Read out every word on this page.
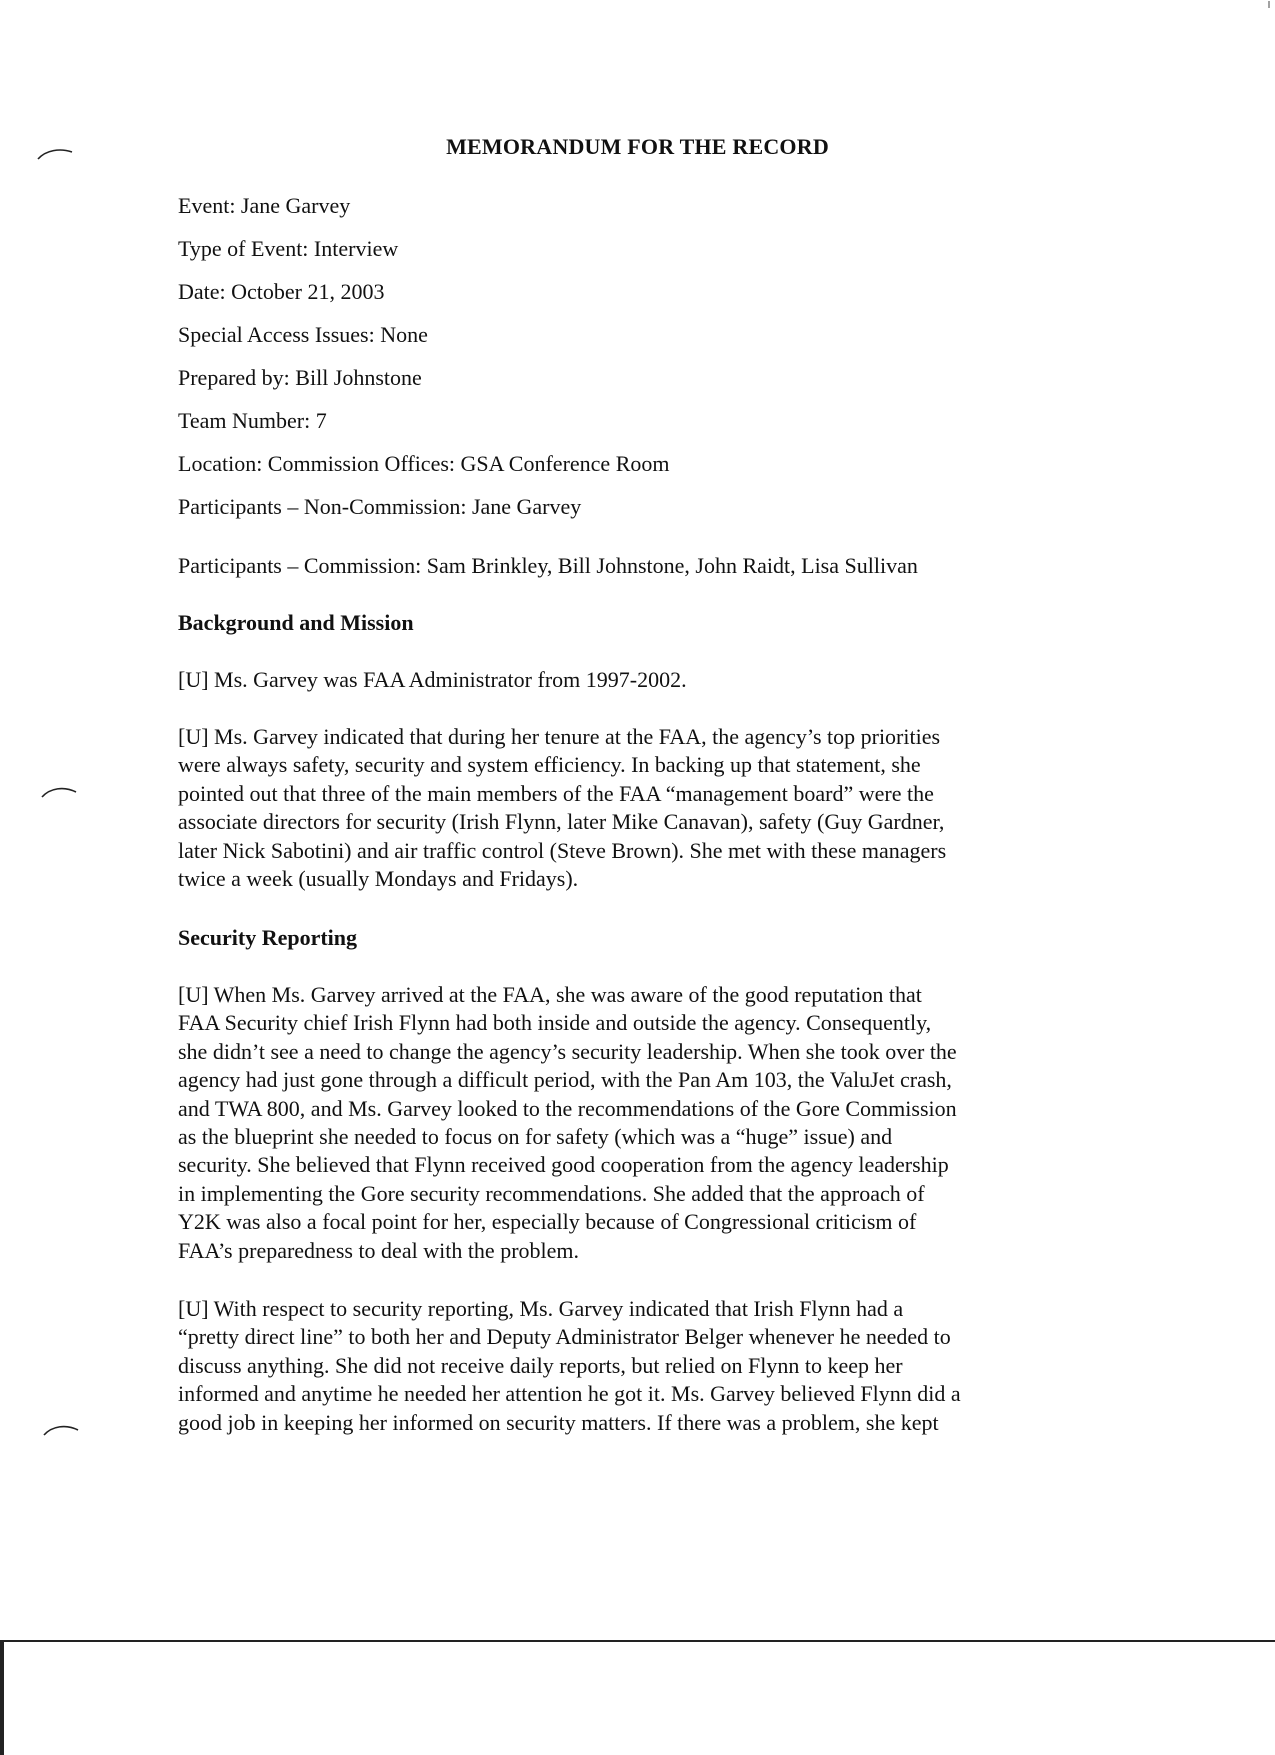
MEMORANDUM FOR THE RECORD
Event: Jane Garvey
Type of Event: Interview
Date: October 21, 2003
Special Access Issues: None
Prepared by: Bill Johnstone
Team Number: 7
Location: Commission Offices: GSA Conference Room
Participants – Non-Commission: Jane Garvey
Participants – Commission: Sam Brinkley, Bill Johnstone, John Raidt, Lisa Sullivan
Background and Mission
[U] Ms. Garvey was FAA Administrator from 1997-2002.
[U] Ms. Garvey indicated that during her tenure at the FAA, the agency’s top priorities
were always safety, security and system efficiency. In backing up that statement, she
pointed out that three of the main members of the FAA “management board” were the
associate directors for security (Irish Flynn, later Mike Canavan), safety (Guy Gardner,
later Nick Sabotini) and air traffic control (Steve Brown). She met with these managers
twice a week (usually Mondays and Fridays).
Security Reporting
[U] When Ms. Garvey arrived at the FAA, she was aware of the good reputation that
FAA Security chief Irish Flynn had both inside and outside the agency. Consequently,
she didn’t see a need to change the agency’s security leadership. When she took over the
agency had just gone through a difficult period, with the Pan Am 103, the ValuJet crash,
and TWA 800, and Ms. Garvey looked to the recommendations of the Gore Commission
as the blueprint she needed to focus on for safety (which was a “huge” issue) and
security. She believed that Flynn received good cooperation from the agency leadership
in implementing the Gore security recommendations. She added that the approach of
Y2K was also a focal point for her, especially because of Congressional criticism of
FAA’s preparedness to deal with the problem.
[U] With respect to security reporting, Ms. Garvey indicated that Irish Flynn had a
“pretty direct line” to both her and Deputy Administrator Belger whenever he needed to
discuss anything. She did not receive daily reports, but relied on Flynn to keep her
informed and anytime he needed her attention he got it. Ms. Garvey believed Flynn did a
good job in keeping her informed on security matters. If there was a problem, she kept
